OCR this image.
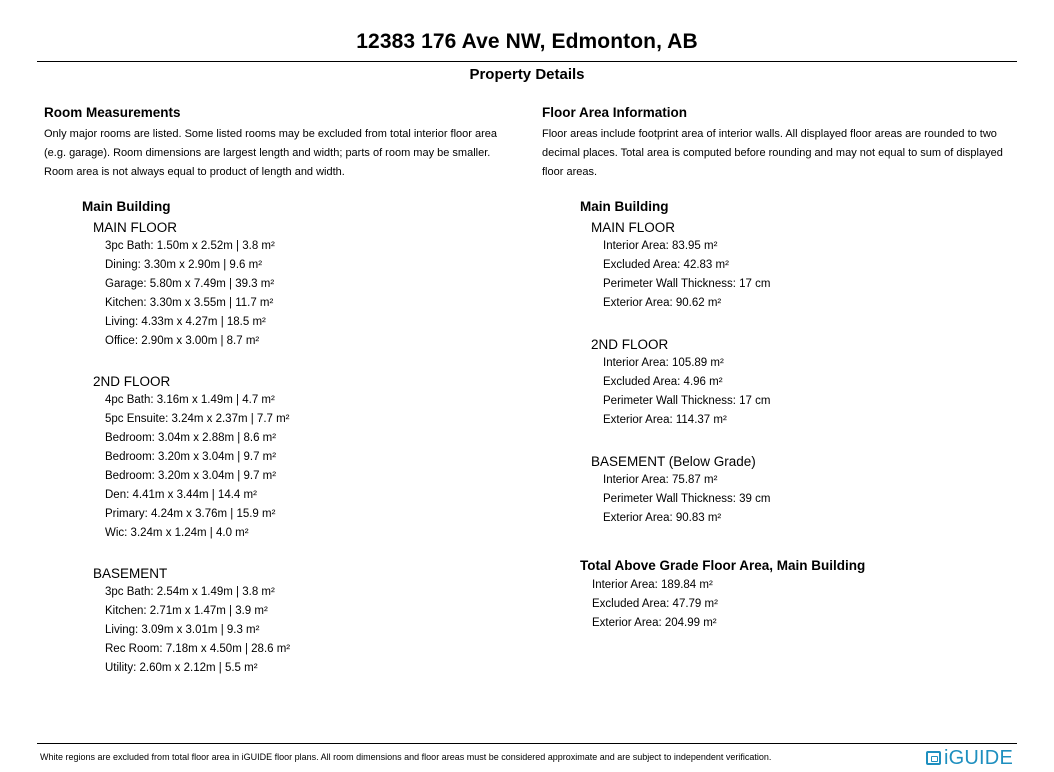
12383 176 Ave NW, Edmonton, AB
Property Details
Room Measurements
Only major rooms are listed. Some listed rooms may be excluded from total interior floor area (e.g. garage). Room dimensions are largest length and width; parts of room may be smaller. Room area is not always equal to product of length and width.
Floor Area Information
Floor areas include footprint area of interior walls. All displayed floor areas are rounded to two decimal places. Total area is computed before rounding and may not equal to sum of displayed floor areas.
Main Building
MAIN FLOOR
3pc Bath: 1.50m x 2.52m | 3.8 m²
Dining: 3.30m x 2.90m | 9.6 m²
Garage: 5.80m x 7.49m | 39.3 m²
Kitchen: 3.30m x 3.55m | 11.7 m²
Living: 4.33m x 4.27m | 18.5 m²
Office: 2.90m x 3.00m | 8.7 m²
2ND FLOOR
4pc Bath: 3.16m x 1.49m | 4.7 m²
5pc Ensuite: 3.24m x 2.37m | 7.7 m²
Bedroom: 3.04m x 2.88m | 8.6 m²
Bedroom: 3.20m x 3.04m | 9.7 m²
Bedroom: 3.20m x 3.04m | 9.7 m²
Den: 4.41m x 3.44m | 14.4 m²
Primary: 4.24m x 3.76m | 15.9 m²
Wic: 3.24m x 1.24m | 4.0 m²
BASEMENT
3pc Bath: 2.54m x 1.49m | 3.8 m²
Kitchen: 2.71m x 1.47m | 3.9 m²
Living: 3.09m x 3.01m | 9.3 m²
Rec Room: 7.18m x 4.50m | 28.6 m²
Utility: 2.60m x 2.12m | 5.5 m²
Main Building
MAIN FLOOR
Interior Area: 83.95 m²
Excluded Area: 42.83 m²
Perimeter Wall Thickness: 17 cm
Exterior Area: 90.62 m²
2ND FLOOR
Interior Area: 105.89 m²
Excluded Area: 4.96 m²
Perimeter Wall Thickness: 17 cm
Exterior Area: 114.37 m²
BASEMENT (Below Grade)
Interior Area: 75.87 m²
Perimeter Wall Thickness: 39 cm
Exterior Area: 90.83 m²
Total Above Grade Floor Area, Main Building
Interior Area: 189.84 m²
Excluded Area: 47.79 m²
Exterior Area: 204.99 m²
White regions are excluded from total floor area in iGUIDE floor plans. All room dimensions and floor areas must be considered approximate and are subject to independent verification.	iGUIDE
